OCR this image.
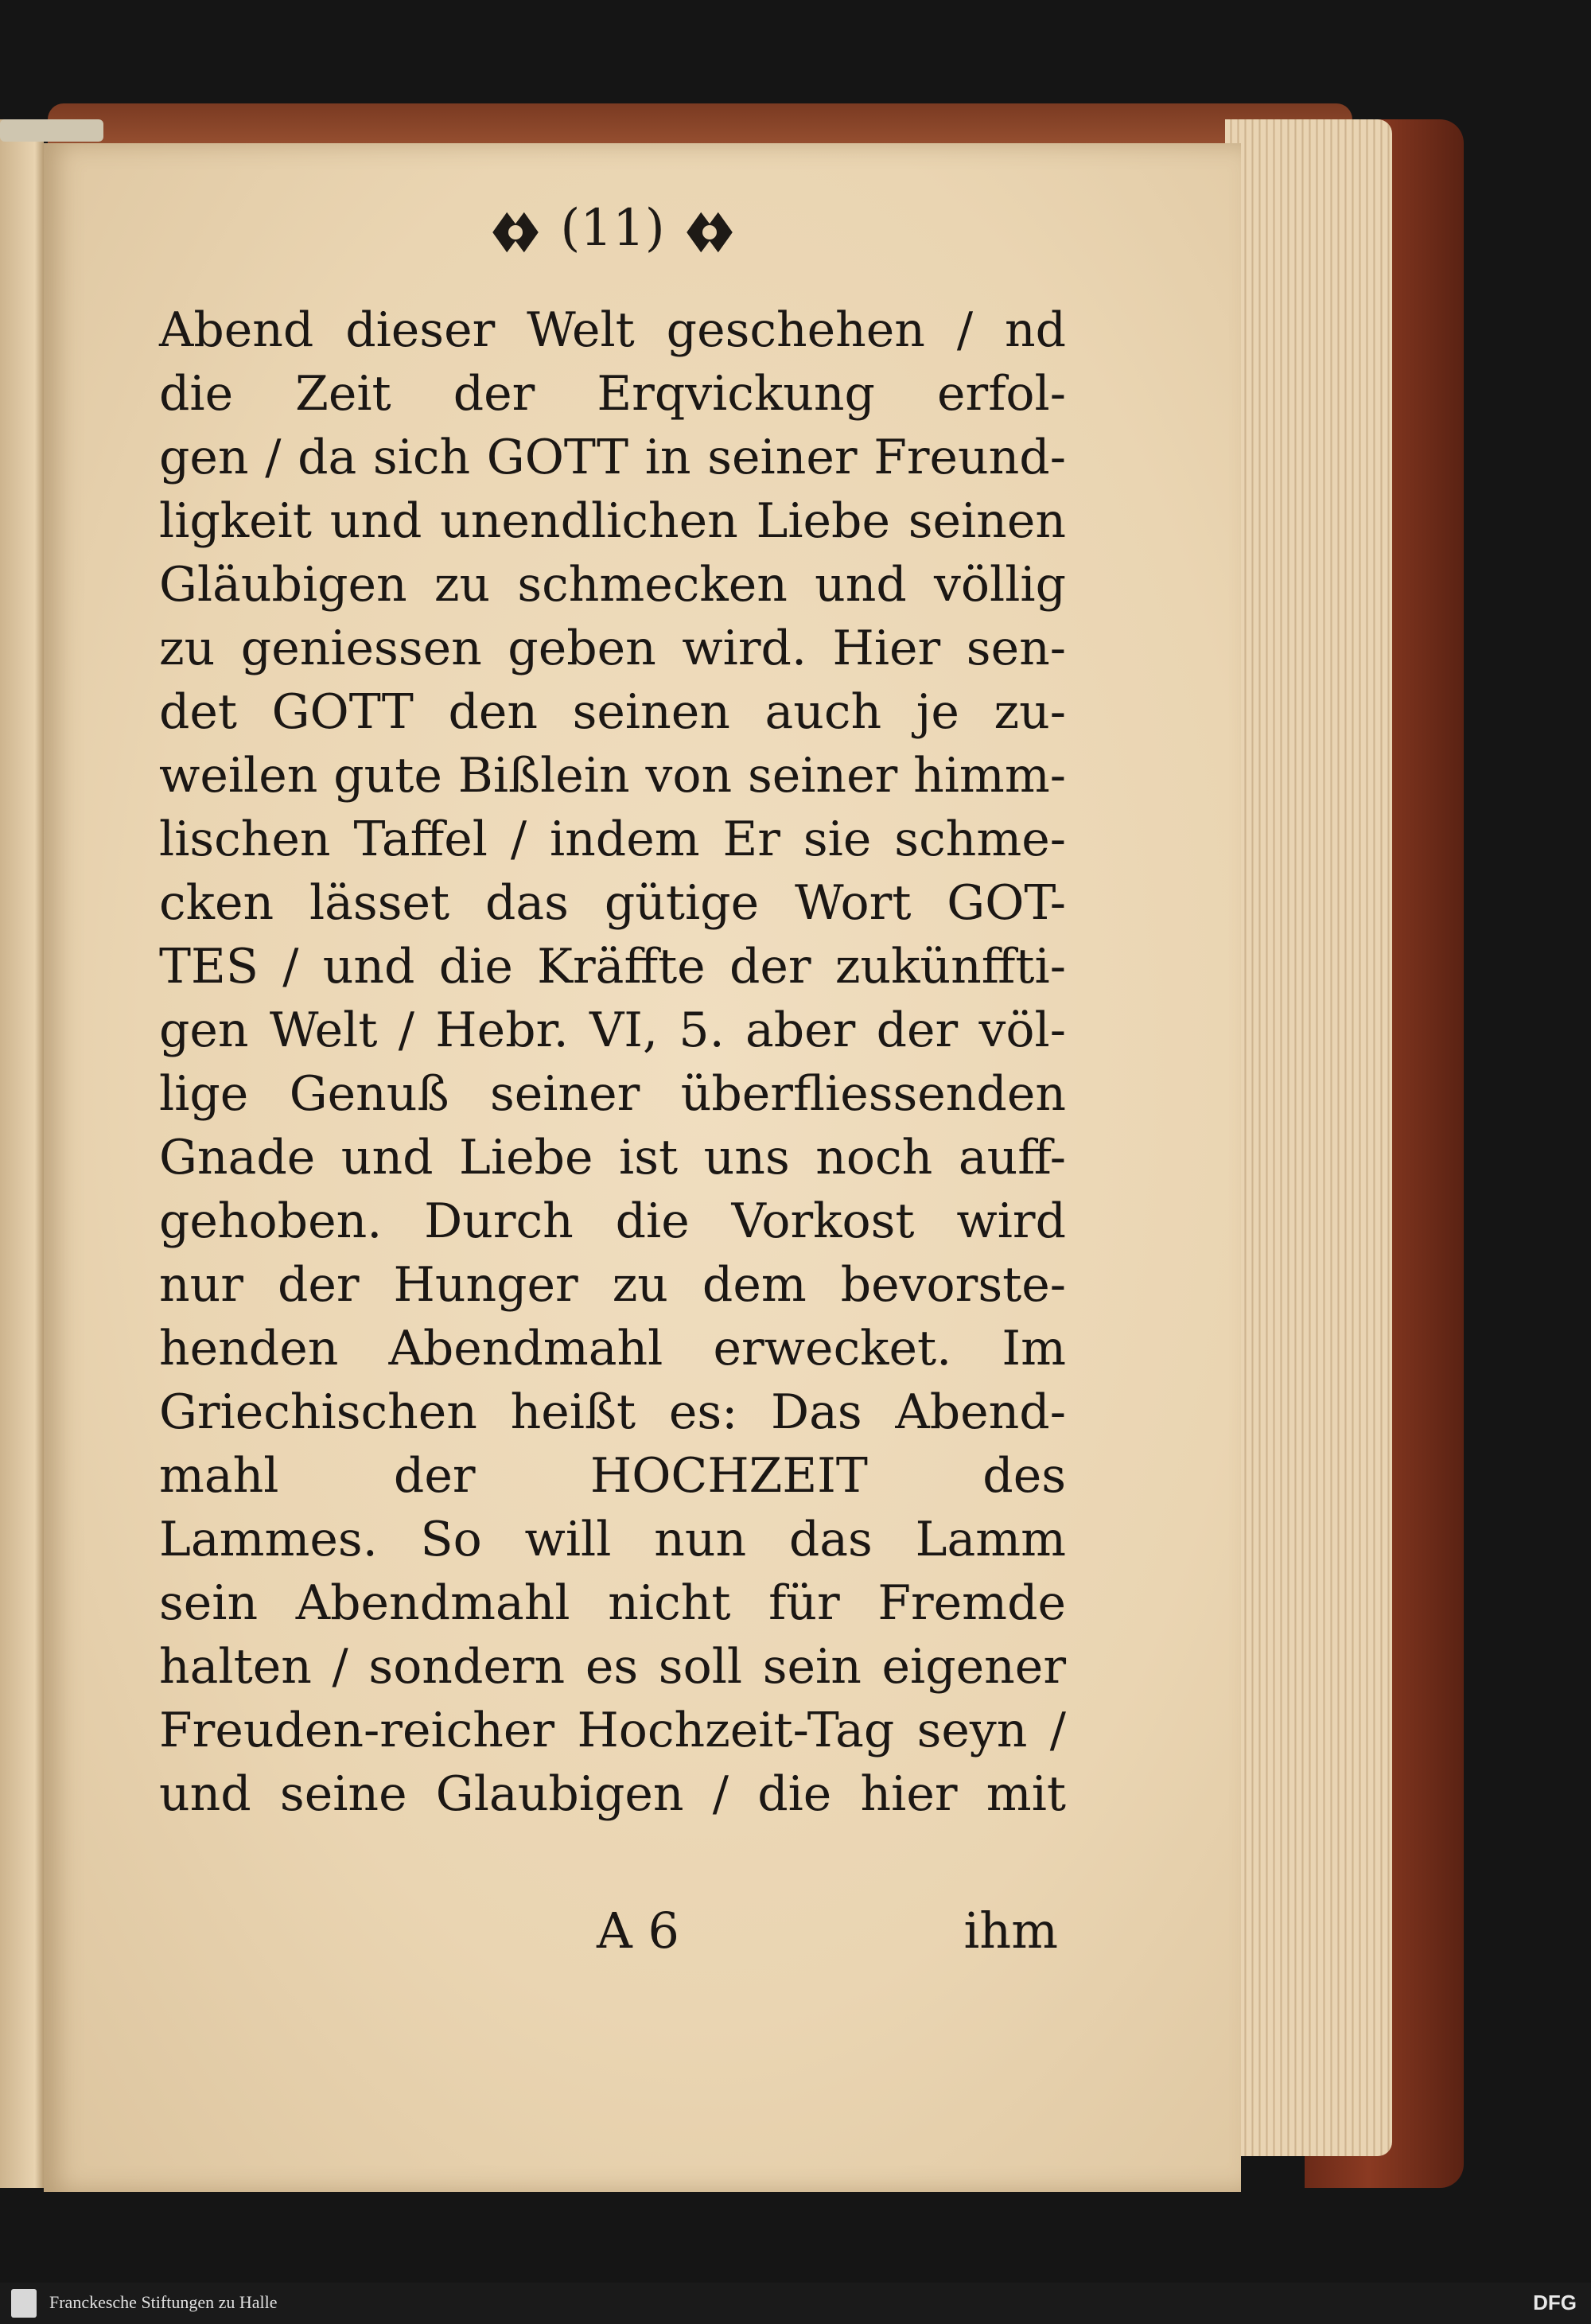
(11)
Abend dieser Welt geschehen / nd
die Zeit der Erqvickung erfol-
gen / da sich GOTT in seiner Freund-
ligkeit und unendlichen Liebe seinen
Gläubigen zu schmecken und völlig
zu geniessen geben wird. Hier sen-
det GOTT den seinen auch je zu-
weilen gute Bißlein von seiner himm-
lischen Taffel / indem Er sie schme-
cken lässet das gütige Wort GOT-
TES / und die Kräffte der zukünffti-
gen Welt / Hebr. VI, 5. aber der völ-
lige Genuß seiner überfliessenden
Gnade und Liebe ist uns noch auff-
gehoben. Durch die Vorkost wird
nur der Hunger zu dem bevorste-
henden Abendmahl erwecket. Im
Griechischen heißt es: Das Abend-
mahl der HOCHZEIT des
Lammes. So will nun das Lamm
sein Abendmahl nicht für Fremde
halten / sondern es soll sein eigener
Freuden-reicher Hochzeit-Tag seyn /
und seine Glaubigen / die hier mit
A 6	ihm
Franckesche Stiftungen zu Halle	DFG
